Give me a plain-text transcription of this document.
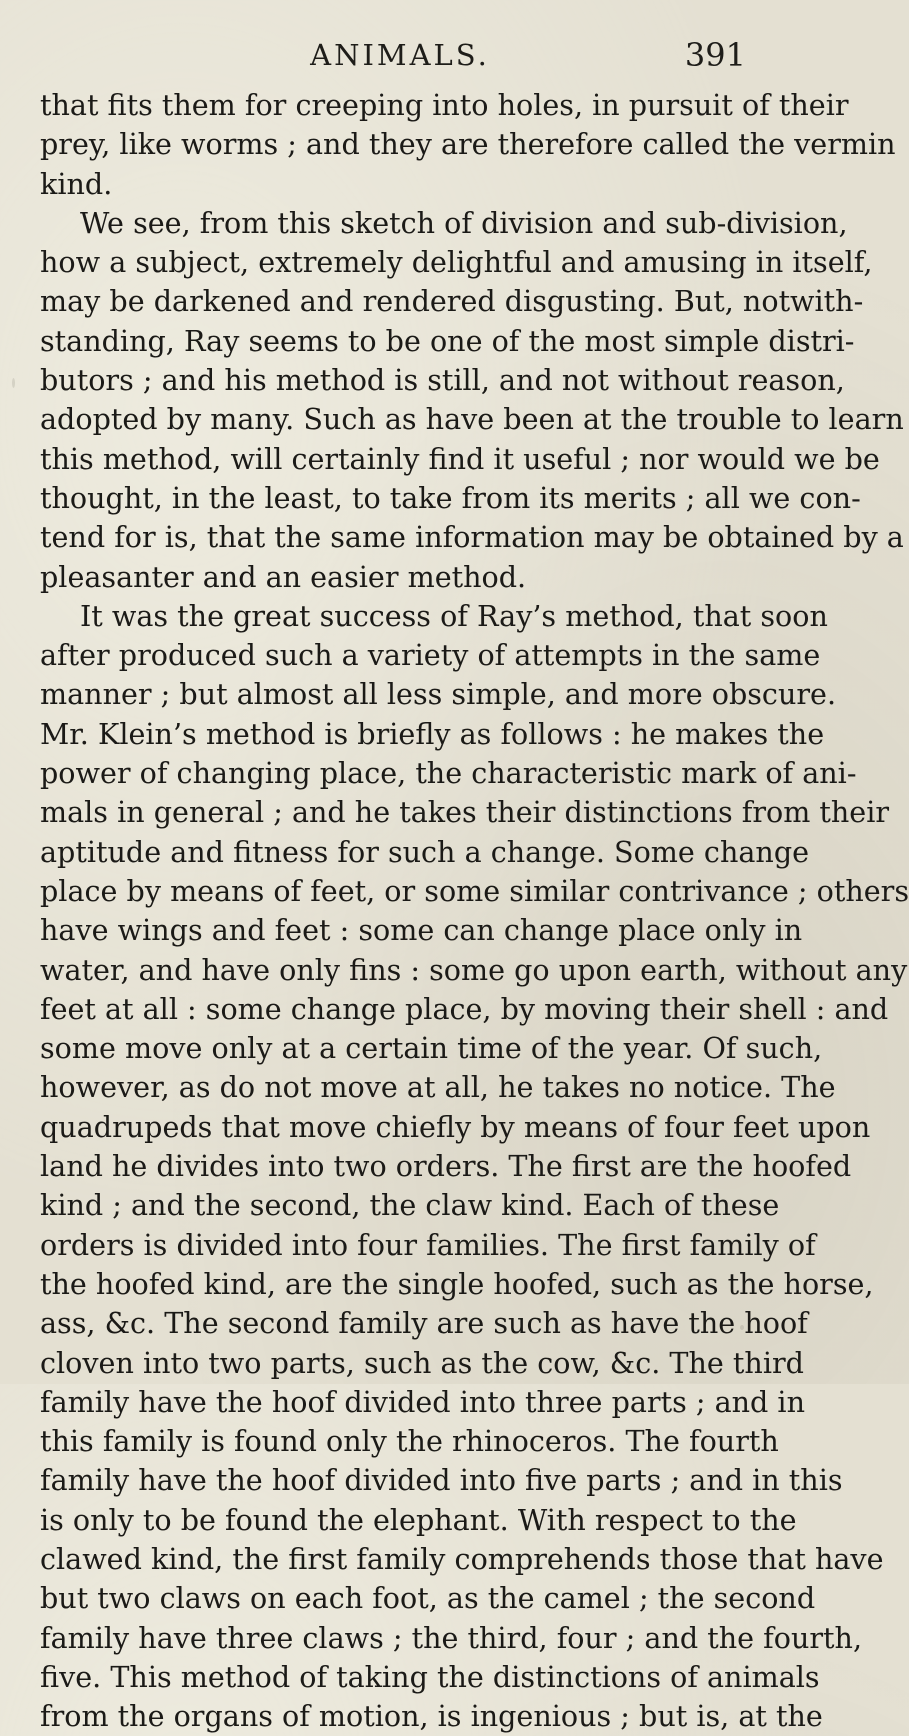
ANIMALS.	391
that fits them for creeping into holes, in pursuit of their
prey, like worms ; and they are therefore called the vermin
kind.
We see, from this sketch of division and sub-division,
how a subject, extremely delightful and amusing in itself,
may be darkened and rendered disgusting. But, notwith-
standing, Ray seems to be one of the most simple distri-
butors ; and his method is still, and not without reason,
adopted by many. Such as have been at the trouble to learn
this method, will certainly find it useful ; nor would we be
thought, in the least, to take from its merits ; all we con-
tend for is, that the same information may be obtained by a
pleasanter and an easier method.
It was the great success of Ray’s method, that soon
after produced such a variety of attempts in the same
manner ; but almost all less simple, and more obscure.
Mr. Klein’s method is briefly as follows : he makes the
power of changing place, the characteristic mark of ani-
mals in general ; and he takes their distinctions from their
aptitude and fitness for such a change. Some change
place by means of feet, or some similar contrivance ; others
have wings and feet : some can change place only in
water, and have only fins : some go upon earth, without any
feet at all : some change place, by moving their shell : and
some move only at a certain time of the year. Of such,
however, as do not move at all, he takes no notice. The
quadrupeds that move chiefly by means of four feet upon
land he divides into two orders. The first are the hoofed
kind ; and the second, the claw kind. Each of these
orders is divided into four families. The first family of
the hoofed kind, are the single hoofed, such as the horse,
ass, &c. The second family are such as have the hoof
cloven into two parts, such as the cow, &c. The third
family have the hoof divided into three parts ; and in
this family is found only the rhinoceros. The fourth
family have the hoof divided into five parts ; and in this
is only to be found the elephant. With respect to the
clawed kind, the first family comprehends those that have
but two claws on each foot, as the camel ; the second
family have three claws ; the third, four ; and the fourth,
five. This method of taking the distinctions of animals
from the organs of motion, is ingenious ; but is, at the
